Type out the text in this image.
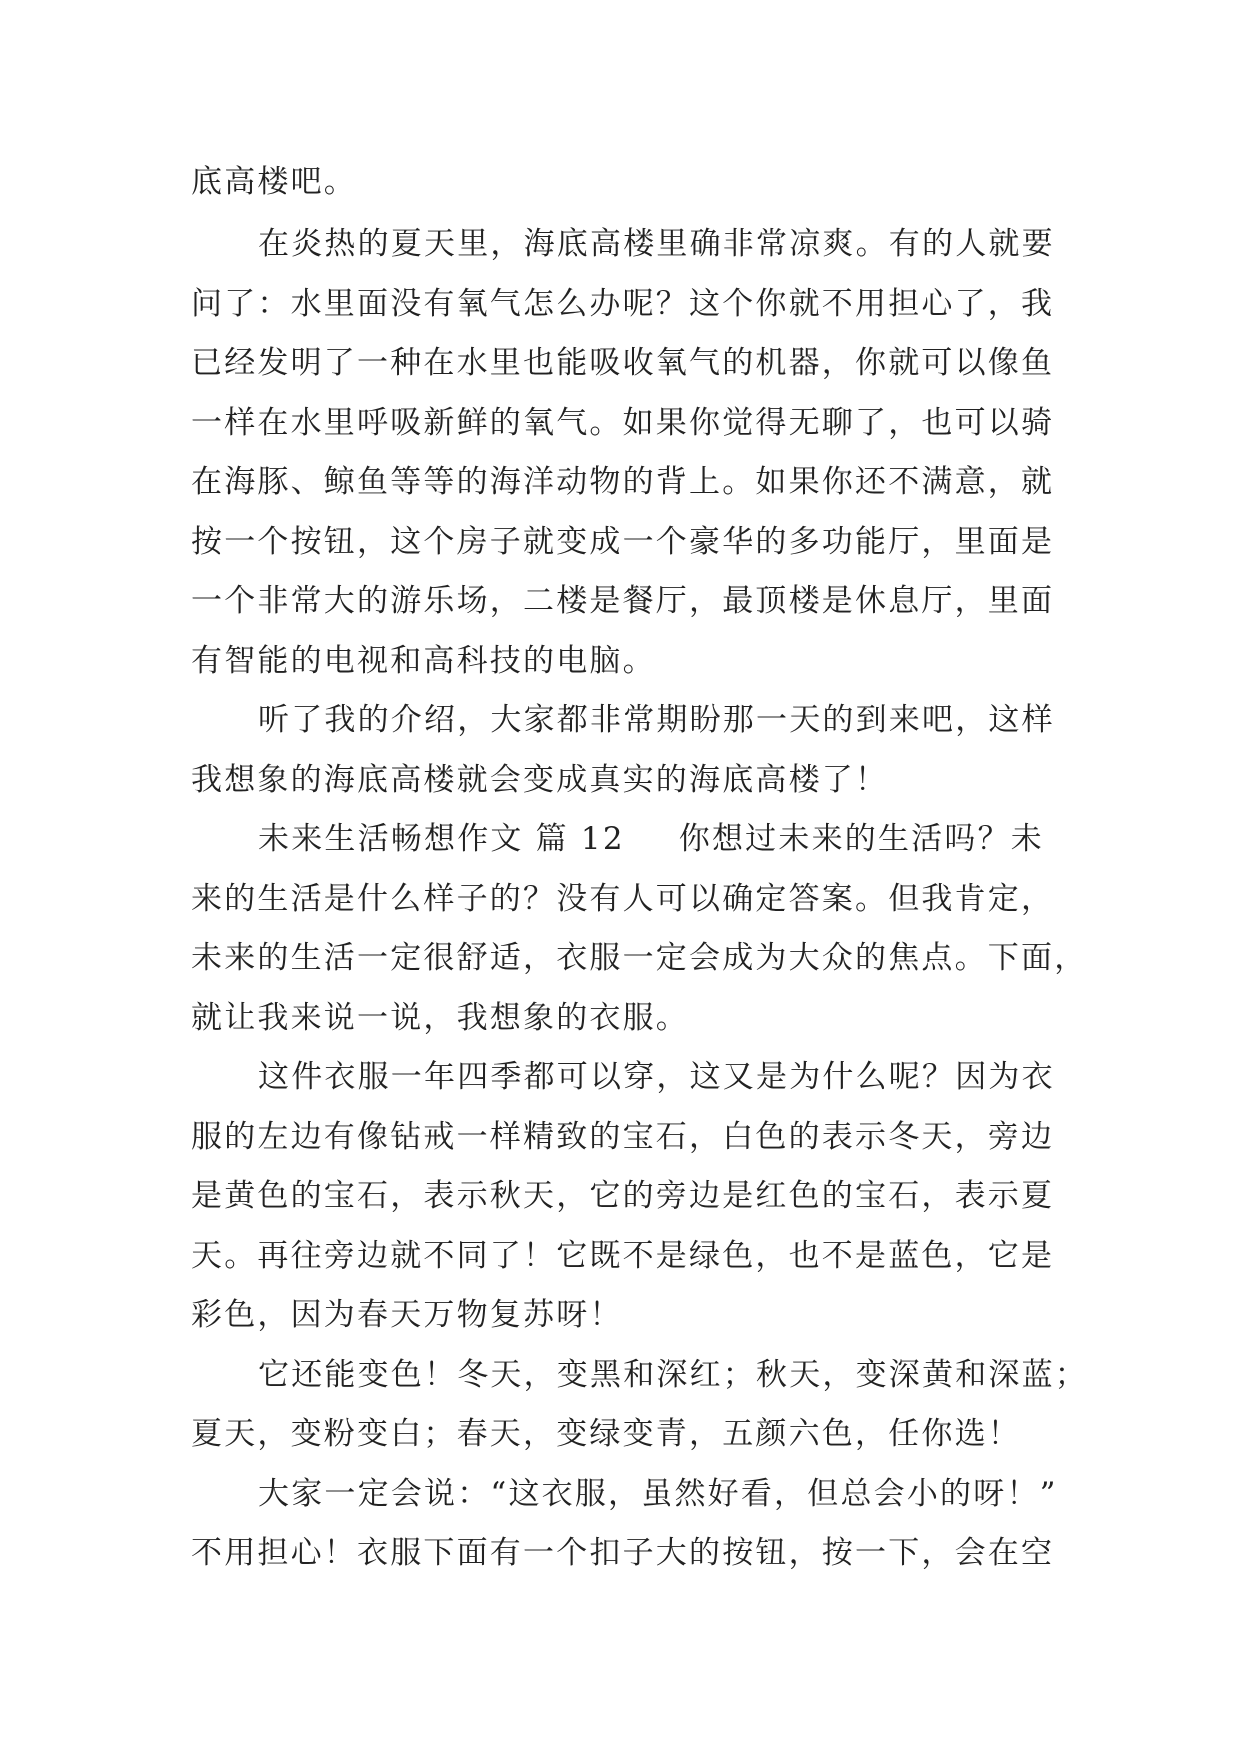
底高楼吧。
在炎热的夏天里，海底高楼里确非常凉爽。有的人就要
问了：水里面没有氧气怎么办呢？这个你就不用担心了，我
已经发明了一种在水里也能吸收氧气的机器，你就可以像鱼
一样在水里呼吸新鲜的氧气。如果你觉得无聊了，也可以骑
在海豚、鲸鱼等等的海洋动物的背上。如果你还不满意，就
按一个按钮，这个房子就变成一个豪华的多功能厅，里面是
一个非常大的游乐场，二楼是餐厅，最顶楼是休息厅，里面
有智能的电视和高科技的电脑。
听了我的介绍，大家都非常期盼那一天的到来吧，这样
我想象的海底高楼就会变成真实的海底高楼了！
未来生活畅想作文 篇 12 你想过未来的生活吗？未
来的生活是什么样子的？没有人可以确定答案。但我肯定，
未来的生活一定很舒适，衣服一定会成为大众的焦点。下面，
就让我来说一说，我想象的衣服。
这件衣服一年四季都可以穿，这又是为什么呢？因为衣
服的左边有像钻戒一样精致的宝石，白色的表示冬天，旁边
是黄色的宝石，表示秋天，它的旁边是红色的宝石，表示夏
天。再往旁边就不同了！它既不是绿色，也不是蓝色，它是
彩色，因为春天万物复苏呀！
它还能变色！冬天，变黑和深红；秋天，变深黄和深蓝；
夏天，变粉变白；春天，变绿变青，五颜六色，任你选！
大家一定会说：“这衣服，虽然好看，但总会小的呀！”
不用担心！衣服下面有一个扣子大的按钮，按一下，会在空
